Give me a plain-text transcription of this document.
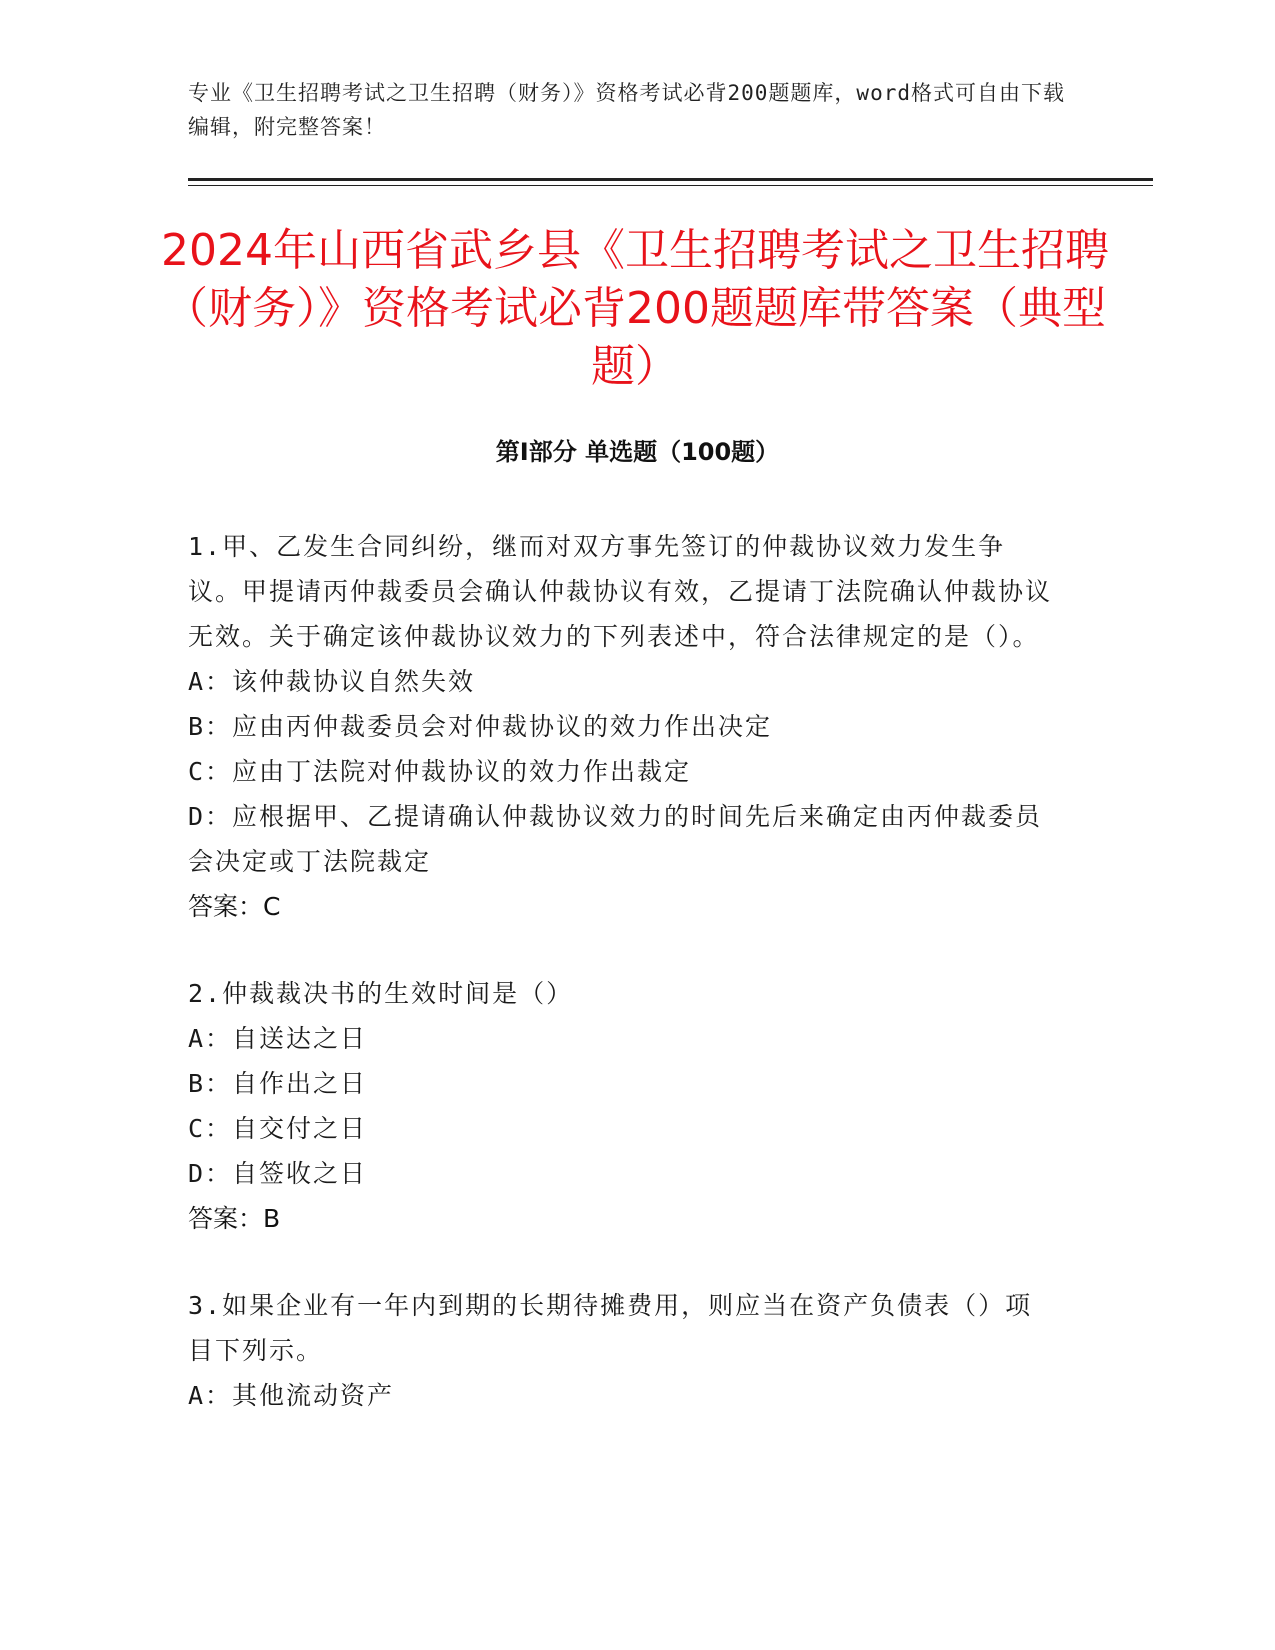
专业《卫生招聘考试之卫生招聘（财务）》资格考试必背200题题库，word格式可自由下载编辑，附完整答案！
2024年山西省武乡县《卫生招聘考试之卫生招聘（财务）》资格考试必背200题题库带答案（典型题）
第Ⅰ部分 单选题（100题）

1.甲、乙发生合同纠纷，继而对双方事先签订的仲裁协议效力发生争议。甲提请丙仲裁委员会确认仲裁协议有效，乙提请丁法院确认仲裁协议无效。关于确定该仲裁协议效力的下列表述中，符合法律规定的是（）。

A：该仲裁协议自然失效

B：应由丙仲裁委员会对仲裁协议的效力作出决定

C：应由丁法院对仲裁协议的效力作出裁定

D：应根据甲、乙提请确认仲裁协议效力的时间先后来确定由丙仲裁委员会决定或丁法院裁定

答案：C

2.仲裁裁决书的生效时间是（）

A：自送达之日

B：自作出之日

C：自交付之日

D：自签收之日

答案：B

3.如果企业有一年内到期的长期待摊费用，则应当在资产负债表（）项目下列示。

A：其他流动资产
